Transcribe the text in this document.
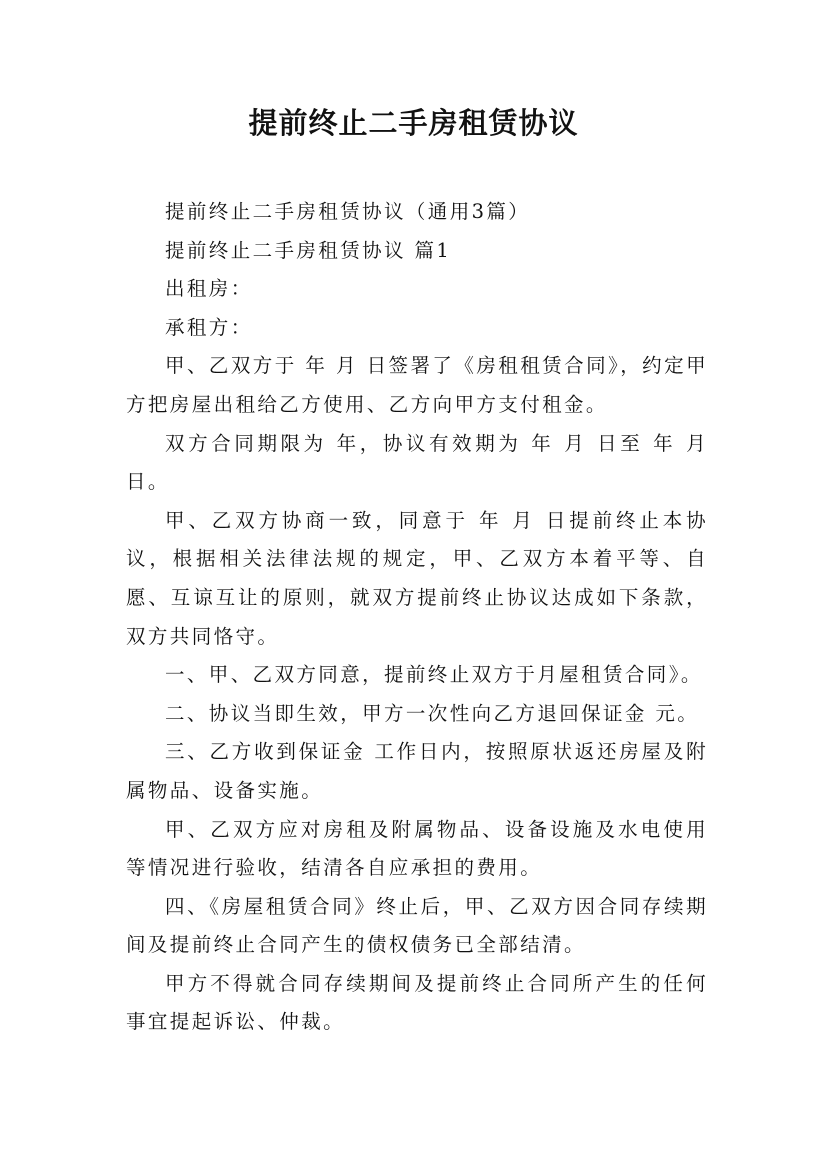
提前终止二手房租赁协议

提前终止二手房租赁协议（通用3篇）

提前终止二手房租赁协议 篇1

出租房：

承租方：

甲、乙双方于 年 月 日签署了《房租租赁合同》，约定甲方把房屋出租给乙方使用、乙方向甲方支付租金。

双方合同期限为 年，协议有效期为 年 月 日至 年 月 日。

甲、乙双方协商一致，同意于 年 月 日提前终止本协议，根据相关法律法规的规定，甲、乙双方本着平等、自愿、互谅互让的原则，就双方提前终止协议达成如下条款，双方共同恪守。

一、甲、乙双方同意，提前终止双方于月屋租赁合同》。

二、协议当即生效，甲方一次性向乙方退回保证金 元。

三、乙方收到保证金 工作日内，按照原状返还房屋及附属物品、设备实施。

甲、乙双方应对房租及附属物品、设备设施及水电使用等情况进行验收，结清各自应承担的费用。

四、《房屋租赁合同》终止后，甲、乙双方因合同存续期间及提前终止合同产生的债权债务已全部结清。

甲方不得就合同存续期间及提前终止合同所产生的任何事宜提起诉讼、仲裁。
